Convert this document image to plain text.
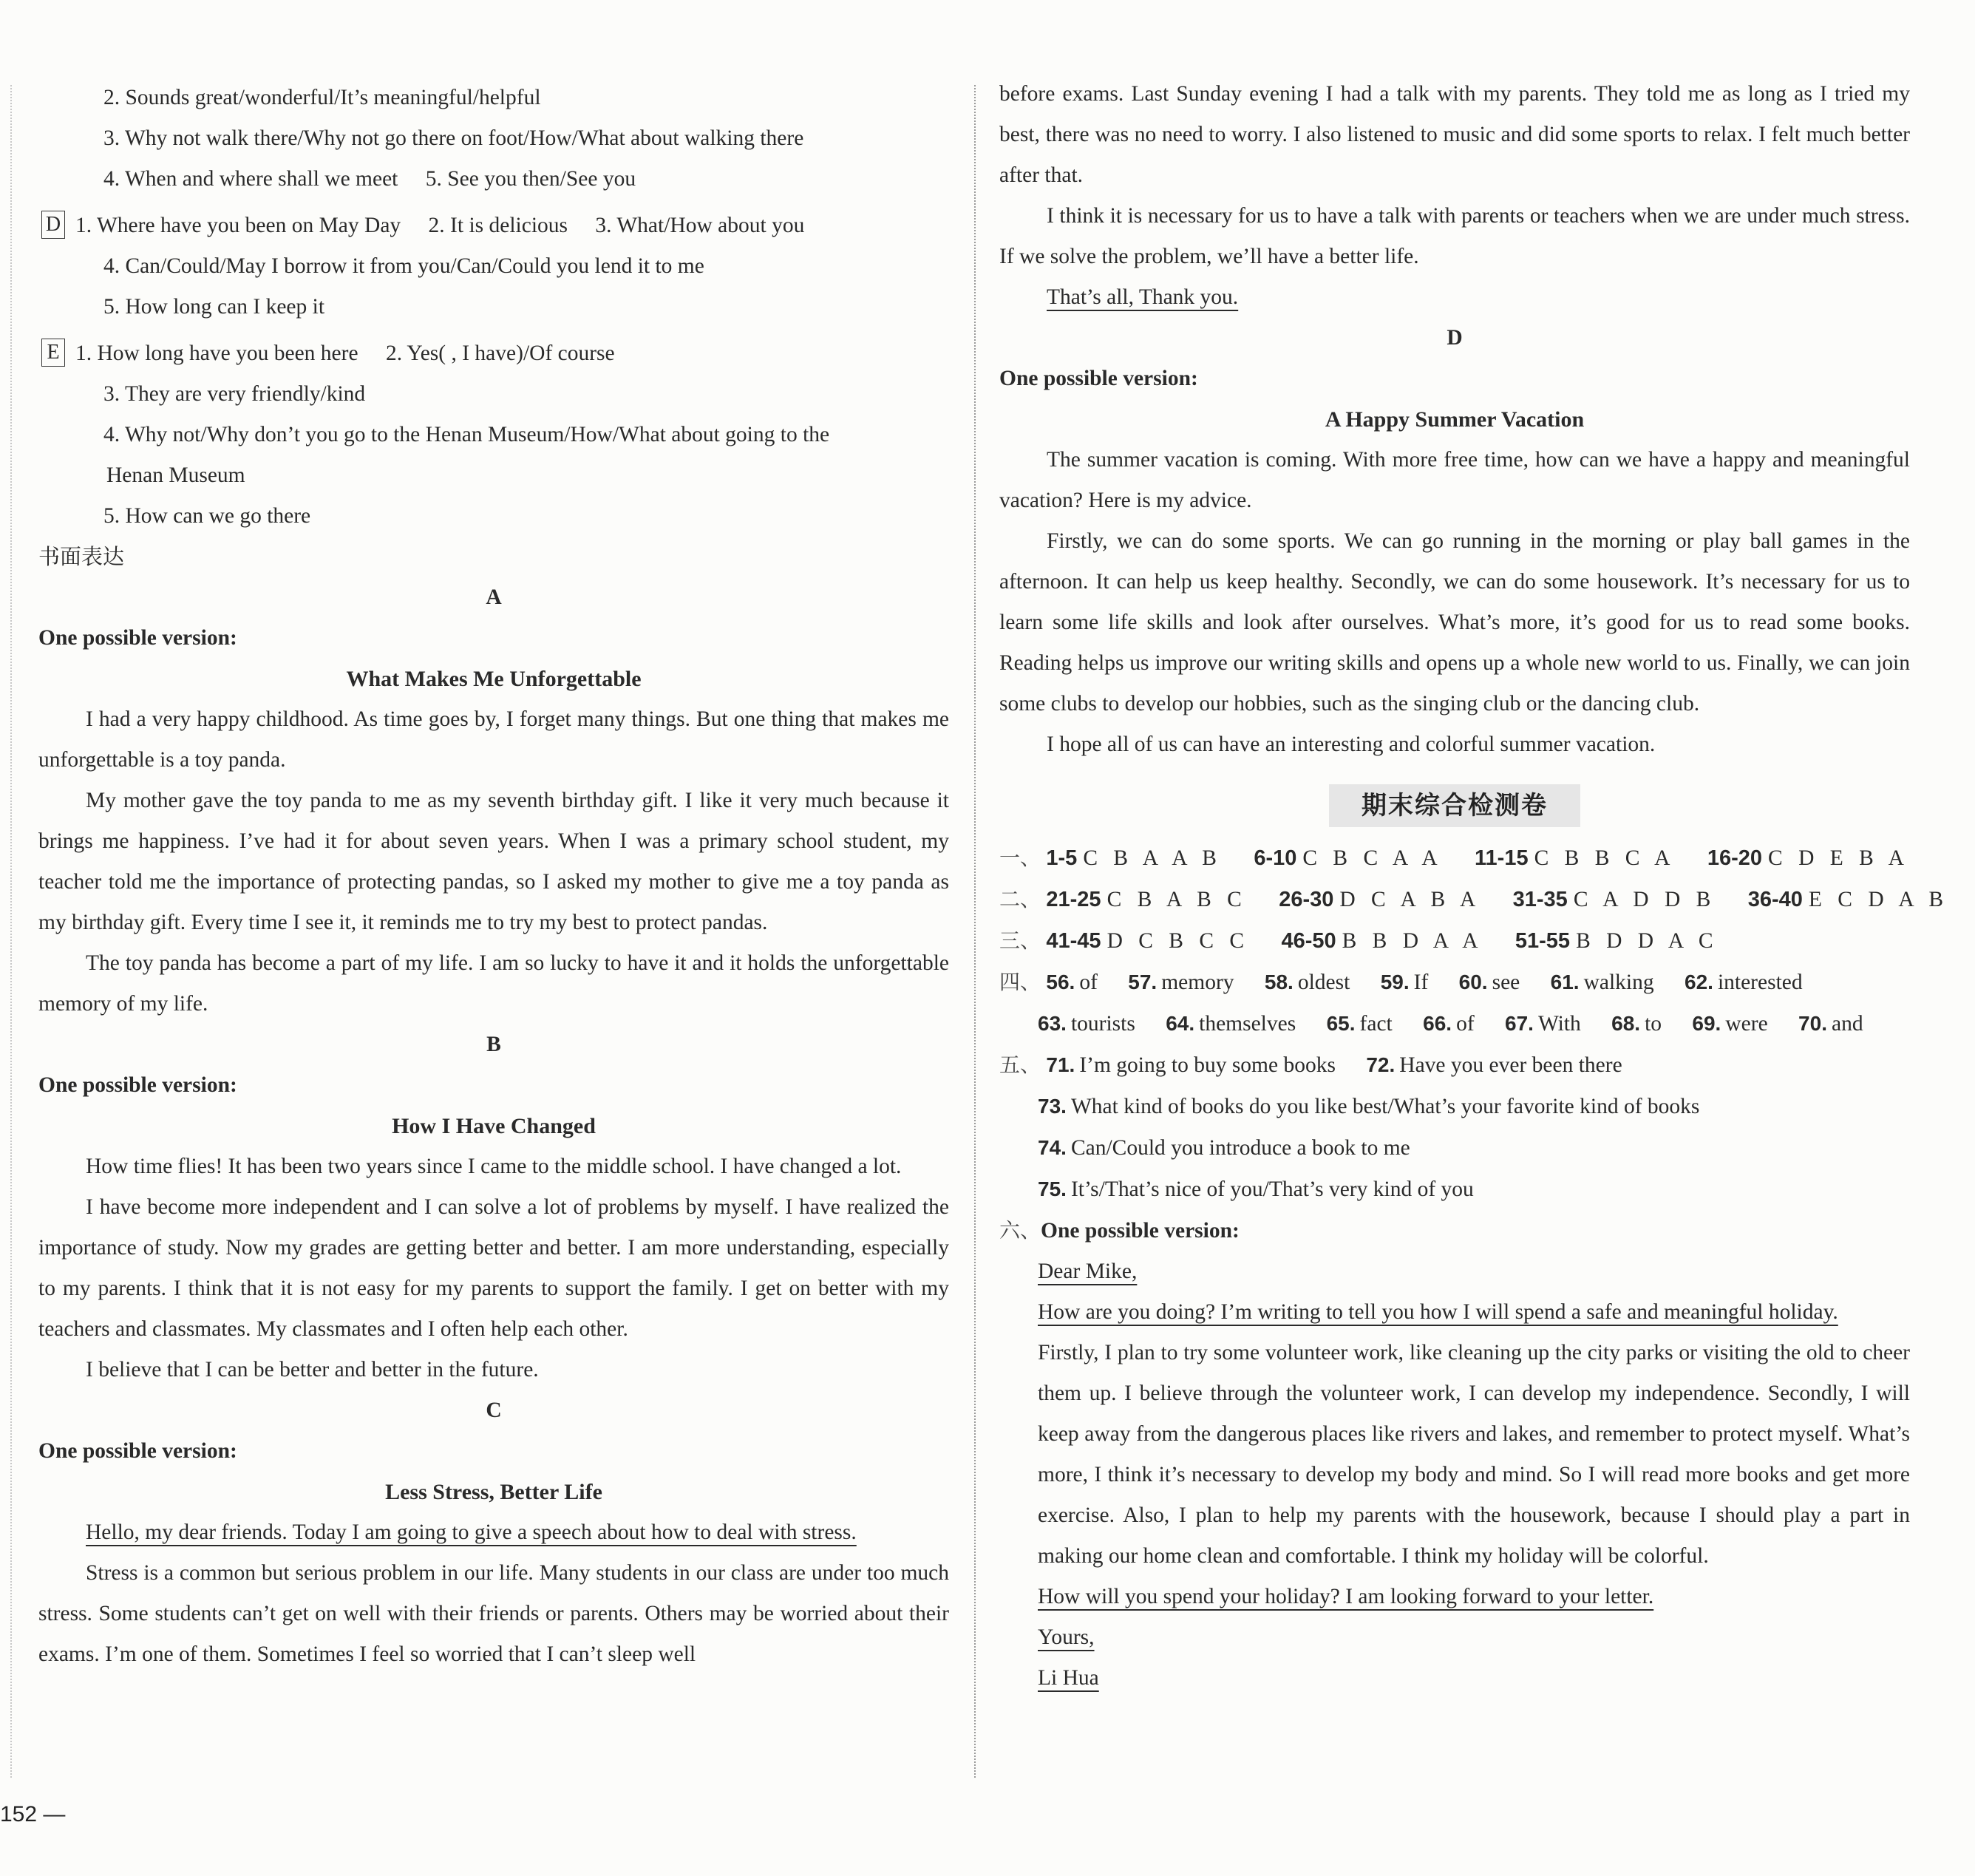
2. Sounds great/wonderful/It’s meaningful/helpful
3. Why not walk there/Why not go there on foot/How/What about walking there
4. When and where shall we meet 5. See you then/See you
D 1. Where have you been on May Day 2. It is delicious 3. What/How about you
4. Can/Could/May I borrow it from you/Can/Could you lend it to me
5. How long can I keep it
E 1. How long have you been here 2. Yes( , I have)/Of course
3. They are very friendly/kind
4. Why not/Why don’t you go to the Henan Museum/How/What about going to the
Henan Museum
5. How can we go there
书面表达
A
One possible version:
What Makes Me Unforgettable
I had a very happy childhood. As time goes by, I forget many things. But one thing that makes me unforgettable is a toy panda.
My mother gave the toy panda to me as my seventh birthday gift. I like it very much because it brings me happiness. I’ve had it for about seven years. When I was a primary school student, my teacher told me the importance of protecting pandas, so I asked my mother to give me a toy panda as my birthday gift. Every time I see it, it reminds me to try my best to protect pandas.
The toy panda has become a part of my life. I am so lucky to have it and it holds the unforgettable memory of my life.
B
One possible version:
How I Have Changed
How time flies! It has been two years since I came to the middle school. I have changed a lot.
I have become more independent and I can solve a lot of problems by myself. I have realized the importance of study. Now my grades are getting better and better. I am more understanding, especially to my parents. I think that it is not easy for my parents to support the family. I get on better with my teachers and classmates. My classmates and I often help each other.
I believe that I can be better and better in the future.
C
One possible version:
Less Stress, Better Life
Hello, my dear friends. Today I am going to give a speech about how to deal with stress.
Stress is a common but serious problem in our life. Many students in our class are under too much stress. Some students can’t get on well with their friends or parents. Others may be worried about their exams. I’m one of them. Sometimes I feel so worried that I can’t sleep well
before exams. Last Sunday evening I had a talk with my parents. They told me as long as I tried my best, there was no need to worry. I also listened to music and did some sports to relax. I felt much better after that.
I think it is necessary for us to have a talk with parents or teachers when we are under much stress. If we solve the problem, we’ll have a better life.
That’s all, Thank you.
D
One possible version:
A Happy Summer Vacation
The summer vacation is coming. With more free time, how can we have a happy and meaningful vacation? Here is my advice.
Firstly, we can do some sports. We can go running in the morning or play ball games in the afternoon. It can help us keep healthy. Secondly, we can do some housework. It’s necessary for us to learn some life skills and look after ourselves. What’s more, it’s good for us to read some books. Reading helps us improve our writing skills and opens up a whole new world to us. Finally, we can join some clubs to develop our hobbies, such as the singing club or the dancing club.
I hope all of us can have an interesting and colorful summer vacation.
期末综合检测卷
一、 1-5 C B A A B 6-10 C B C A A 11-15 C B B C A 16-20 C D E B A
二、 21-25 C B A B C 26-30 D C A B A 31-35 C A D D B 36-40 E C D A B
三、 41-45 D C B C C 46-50 B B D A A 51-55 B D D A C
四、 56. of 57. memory 58. oldest 59. If 60. see 61. walking 62. interested
63. tourists 64. themselves 65. fact 66. of 67. With 68. to 69. were 70. and
五、 71. I’m going to buy some books 72. Have you ever been there
73. What kind of books do you like best/What’s your favorite kind of books
74. Can/Could you introduce a book to me
75. It’s/That’s nice of you/That’s very kind of you
六、One possible version:
Dear Mike,
How are you doing? I’m writing to tell you how I will spend a safe and meaningful holiday.
Firstly, I plan to try some volunteer work, like cleaning up the city parks or visiting the old to cheer them up. I believe through the volunteer work, I can develop my independence. Secondly, I will keep away from the dangerous places like rivers and lakes, and remember to protect myself. What’s more, I think it’s necessary to develop my body and mind. So I will read more books and get more exercise. Also, I plan to help my parents with the housework, because I should play a part in making our home clean and comfortable. I think my holiday will be colorful.
How will you spend your holiday? I am looking forward to your letter.
Yours,
Li Hua
152 —
